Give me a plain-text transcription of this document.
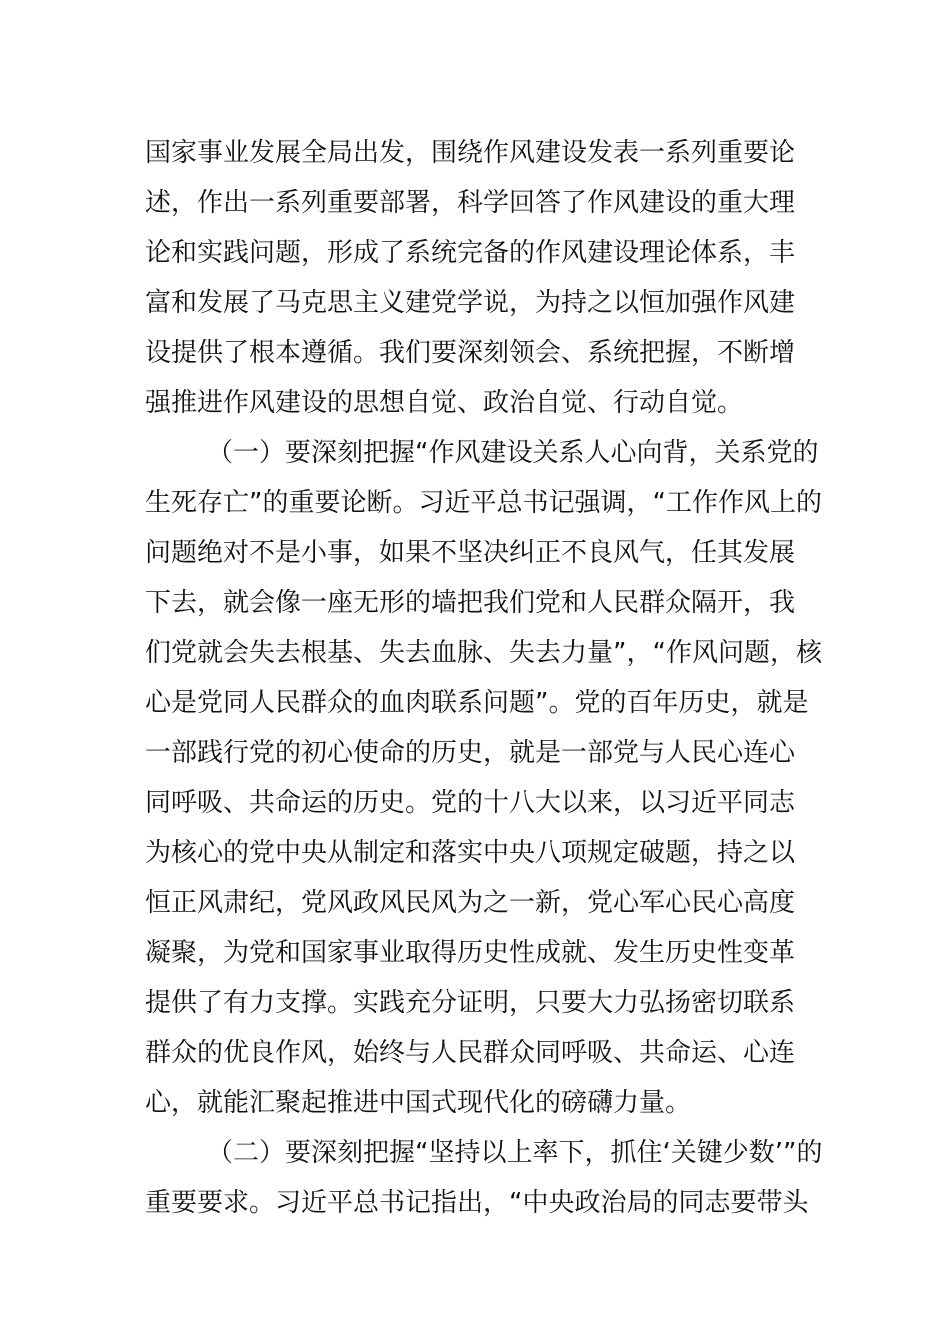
国家事业发展全局出发，围绕作风建设发表一系列重要论
述，作出一系列重要部署，科学回答了作风建设的重大理
论和实践问题，形成了系统完备的作风建设理论体系，丰
富和发展了马克思主义建党学说，为持之以恒加强作风建
设提供了根本遵循。我们要深刻领会、系统把握，不断增
强推进作风建设的思想自觉、政治自觉、行动自觉。
（一）要深刻把握“作风建设关系人心向背，关系党的
生死存亡”的重要论断。习近平总书记强调，“工作作风上的
问题绝对不是小事，如果不坚决纠正不良风气，任其发展
下去，就会像一座无形的墙把我们党和人民群众隔开，我
们党就会失去根基、失去血脉、失去力量”，“作风问题，核
心是党同人民群众的血肉联系问题”。党的百年历史，就是
一部践行党的初心使命的历史，就是一部党与人民心连心
同呼吸、共命运的历史。党的十八大以来，以习近平同志
为核心的党中央从制定和落实中央八项规定破题，持之以
恒正风肃纪，党风政风民风为之一新，党心军心民心高度
凝聚，为党和国家事业取得历史性成就、发生历史性变革
提供了有力支撑。实践充分证明，只要大力弘扬密切联系
群众的优良作风，始终与人民群众同呼吸、共命运、心连
心，就能汇聚起推进中国式现代化的磅礴力量。
（二）要深刻把握“坚持以上率下，抓住‘关键少数’”的
重要要求。习近平总书记指出，“中央政治局的同志要带头
